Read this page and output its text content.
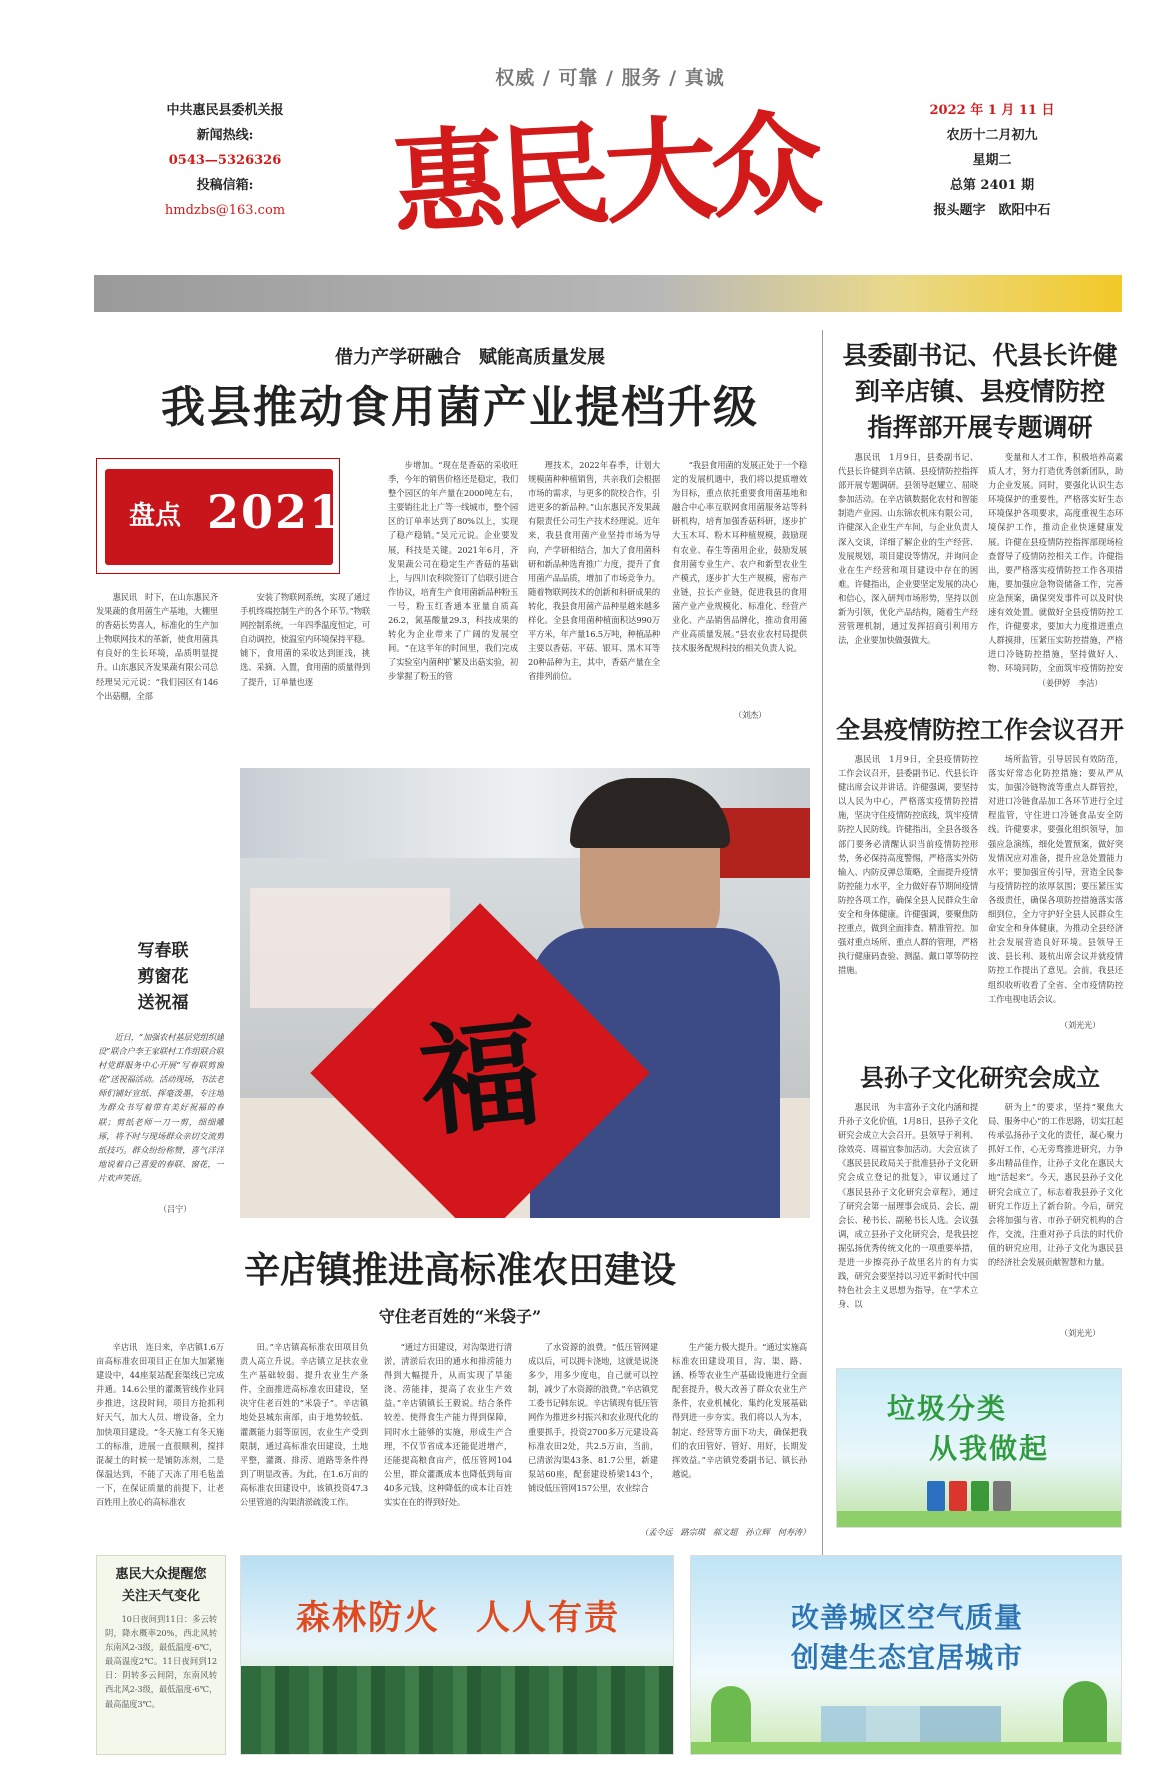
中共惠民县委机关报
新闻热线:
0543—5326326
投稿信箱:
hmdzbs@163.com
权威 / 可靠 / 服务 / 真诚
惠民大众	2022 年 1 月 11 日
农历十二月初九
星期二
总第 2401 期
报头题字　欧阳中石
借力产学研融合　赋能高质量发展
我县推动食用菌产业提档升级
盘点 2021

惠民讯　时下，在山东惠民齐发果蔬的食用菌生产基地，大棚里的香菇长势喜人，标准化的生产加上物联网技术的革新，使食用菌具有良好的生长环境，品质明显提升。山东惠民齐发果蔬有限公司总经理吴元元说：“我们园区有146个出菇棚，全部

安装了物联网系统，实现了通过手机终端控制生产的各个环节。”物联网控制系统，一年四季温度恒定，可自动调控，使温室内环境保持平稳。铺下，食用菌的采收达到匪浅，挑选、采摘、入置，食用菌的质量得到了提升，订单量也逐

步增加。“现在是香菇的采收旺季，今年的销售价格还是稳定，我们整个园区的年产量在2000吨左右，主要销往北上广等一线城市，整个园区的订单率达到了80%以上，实现了稳产稳销。”吴元元说。企业要发展，科技是关键。2021年6月，齐发果蔬公司在稳定生产香菇的基础上，与四川农科院签订了信联引进合作协议，培育生产食用菌新品种粉玉一号，粉玉红香通本亚量自质高26.2，氮基酸量29.3，科技成果的转化为企业带来了广阔的发展空间。“在这半年的时间里，我们完成了实验室内菌种扩繁及出菇实验，初步掌握了粉玉的管

理技术，2022年春季，计划大规模菌种种植销售，共亲我们会根据市场的需求，与更多的院校合作，引进更多的新品种。”山东惠民齐发果蔬有限责任公司生产技术经理说。近年来，我县食用菌产业坚持市场为导向，产学研相结合，加大了食用菌科研和新品种选育推广力度，提升了食用菌产品品质，增加了市场竞争力。随着物联网技术的创新和科研成果的转化，我县食用菌产品种星越来越多样化。全县食用菌种植面积达990万平方米，年产量16.5万吨，种植品种主要以香菇、平菇、银耳、黑木耳等20种品种为主，其中，香菇产量在全省排列前位。

“我县食用菌的发展正处于一个稳定的发展机遇中，我们将以提质增效为目标，重点依托重要食用菌基地和融合中心率互联网食用菌服务站等科研机构，培育加强香菇科研，逐步扩大玉木耳、粉木耳种植规模，鼓励现有农业、春生等菌用企业，鼓励发展食用菌专业生产、农户和新型农业生产模式，逐步扩大生产规模，密布产业链，拉长产业链，促进我县的食用菌产业产业规模化、标准化、经营产业化、产品销售品牌化，推动食用菌产业高质量发展。”县农业农村局提供技术服务配规科技的相关负责人说。

（刘杰）
福
写春联
剪窗花
送祝福

近日，“加强农村基层党组织建设”联合户李王家联村工作组联合联村党群服务中心开展“写春联剪窗花”送祝福活动。活动现场，书法老师们铺好宣纸、挥毫泼墨，专注地为群众书写着带有美好祝福的春联；剪纸老师一刀一剪，细细雕琢，将不时与现场群众亲切交流剪纸技巧。群众纷纷称赞，喜气洋洋地说着自己喜爱的春联、窗花，一片欢声笑语。

（吕宁）
县委副书记、代县长许健
到辛店镇、县疫情防控
指挥部开展专题调研

惠民讯　1月9日，县委副书记、代县长许健到辛店镇、县疫情防控指挥部开展专题调研。县领导赵耀立、屈晓参加活动。在辛店镇数据化农村和智能制造产业园、山东锦农机床有限公司，许健深入企业生产车间，与企业负责人深入交谈，详细了解企业的生产经营、发展规划，项目建设等情况，并询问企业在生产经营和项目建设中存在的困难。许健指出，企业要坚定发展的决心和信心，深入研判市场形势，坚持以创新为引领，优化产品结构，随着生产经营管理机制，通过发挥招商引利用方法，企业要加快做强做大。

变量和人才工作，积极培养高素质人才，努力打造优秀创新团队，助力企业发展。同时，要强化认识生态环境保护的重要性，严格落实好生态环境保护各项要求，高度重视生态环境保护工作，推动企业快速健康发展。许健在县疫情防控指挥部现场检查督导了疫情防控相关工作。许健指出，要严格落实疫情防控工作各项措施，要加强应急物资储备工作，完善应急预案，确保突发事件可以及时快速有效处置。就做好全县疫情防控工作，许健要求，要加大力度推进重点人群摸排，压紧压实防控措施，严格进口冷链防控措施，坚持做好人、物、环境同防，全面筑牢疫情防控安

（姜伊婷　李洁）
全县疫情防控工作会议召开

惠民讯　1月9日，全县疫情防控工作会议召开，县委副书记、代县长许健出席会议并讲话。许健强调，要坚持以人民为中心，严格落实疫情防控措施，坚决守住疫情防控底线，筑牢疫情防控人民防线。许健指出，全县各级各部门要务必清醒认识当前疫情防控形势，务必保持高度警惕，严格落实外防输入、内防反弹总策略，全面提升疫情防控能力水平，全力做好春节期间疫情防控各项工作，确保全县人民群众生命安全和身体健康。许健强调，要聚焦防控重点，做到全面排查、精准管控。加强对重点场所、重点人群的管理，严格执行健康码查验、测温、戴口罩等防控措施。

场所监管，引导居民有效防范，落实好常态化防控措施；要从严从实，加强冷链物流等重点人群管控，对进口冷链食品加工各环节进行全过程监管，守住进口冷链食品安全防线。许健要求，要强化组织领导，加强应急演练，细化处置预案，做好突发情况应对准备，提升应急处置能力水平；要加强宣传引导，营造全民参与疫情防控的浓厚氛围；要压紧压实各级责任，确保各项防控措施落实落细到位，全力守护好全县人民群众生命安全和身体健康，为推动全县经济社会发展营造良好环境。县领导王波、县长利、聂杭出席会议并就疫情防控工作提出了意见。会前，我县还组织收听收看了全省、全市疫情防控工作电视电话会议。

（刘光光）
县孙子文化研究会成立

惠民讯　为丰富孙子文化内涵和提升孙子文化价值，1月8日，县孙子文化研究会成立大会召开。县领导于利利、徐效亮、周福宜参加活动。大会宣读了《惠民县民政局关于批准县孙子文化研究会成立登记的批复》，审议通过了《惠民县孙子文化研究会章程》，通过了研究会第一届理事会成员、会长、副会长、秘书长、副秘书长人选。会议强调，成立县孙子文化研究会，是我县挖掘弘扬优秀传统文化的一项重要举措，是进一步擦亮孙子故里名片的有力实践，研究会要坚持以习近平新时代中国特色社会主义思想为指导，在“学术立身、以

研为上”的要求，坚持“聚焦大局、服务中心”的工作思路，切实扛起传承弘扬孙子文化的责任，凝心聚力抓好工作，心无旁骛推进研究，力争多出精品佳作，让孙子文化在惠民大地“活起来”。今天，惠民县孙子文化研究会成立了，标志着我县孙子文化研究工作迈上了新台阶。今后，研究会将加强与省、市孙子研究机构的合作，交流，注重对孙子兵法的时代价值的研究应用，让孙子文化为惠民县的经济社会发展贡献智慧和力量。

（刘光光）
辛店镇推进高标准农田建设
守住老百姓的“米袋子”

辛店讯　连日来，辛店镇1.6万亩高标准农田项目正在加大加紧施建设中，44座泵站配套渠线已完成并通。14.6公里的灌溉管线作业同步推进，这段时间，项目方抢抓利好天气，加大人员、增设备，全力加快项目建设。“冬天施工有冬天施工的标准，进展一直很顺利，搅拌混凝土的时候一是铺防冻剂，二是保温达到，不能了天冻了用毛毡盖一下，在保证质量的前提下，让老百姓用上放心的高标准农

田。”辛店镇高标准农田项目负责人高立升说。辛店镇立足扶农业生产基础较弱、提升农业生产条件，全面推进高标准农田建设，坚决守住老百姓的“米袋子”。辛店镇地处县城东南部，由于地势较低、灌溉能力弱等原因，农业生产受到限制，通过高标准农田建设，土地平整，灌溉、排涝、道路等条件得到了明显改善。为此，在1.6万亩的高标准农田建设中，该镇投资47.3公里管道的沟渠清淤疏浚工作。

“通过方田建设，对沟渠进行清淤，清淤后农田的通水和排涝能力得到大幅提升，从而实现了旱能浇、涝能排，提高了农业生产效益。”辛店镇镇长王毅说。结合条件较差、使得食生产能力得到保障，同时水土能够的实施，形成生产合理，不仅节省成本还能促进增产，还能提高粮食亩产，低压管网104公里，群众灌溉成本也降低到每亩40多元钱，这种降低的成本让百姓实实在在的得到好处。

了水资源的浪费。“低压管网建成以后，可以拥卡浇地，这就是说浇多少，用多少度电，自己就可以控制，减少了水资源的浪费。”辛店镇党工委书记韩东说。辛店镇现有低压管网作为推进乡村振兴和农业现代化的重要抓手，投资2700多万元建设高标准农田2处，共2.5万亩，当前，已清淤沟渠43条、81.7公里，新建泵站60座，配套建设桥梁143个，铺设低压管网157公里，农业综合

生产能力极大提升。“通过实施高标准农田建设项目，沟、渠、路、涵、桥等农业生产基础设施进行全面配套提升，极大改善了群众农业生产条件，农业机械化、集约化发展基础得到进一步夯实。我们将以人为本，制定、经营等方面下功夫，确保把我们的农田管好、管好、用好，长期发挥效益。”辛店镇党委副书记、镇长孙越说。

（孟令远　路宗琪　郝文超　孙立辉　何寿涛）
垃圾分类
从我做起
惠民大众提醒您
关注天气变化

10日夜间到11日：多云转阴，降水概率20%，西北风转东南风2-3级，最低温度-6℃，最高温度2℃。11日夜间到12日：阴转多云间阴，东南风转西北风2-3级，最低温度-6℃，最高温度3℃。

森林防火　人人有责	改善城区空气质量
创建生态宜居城市
